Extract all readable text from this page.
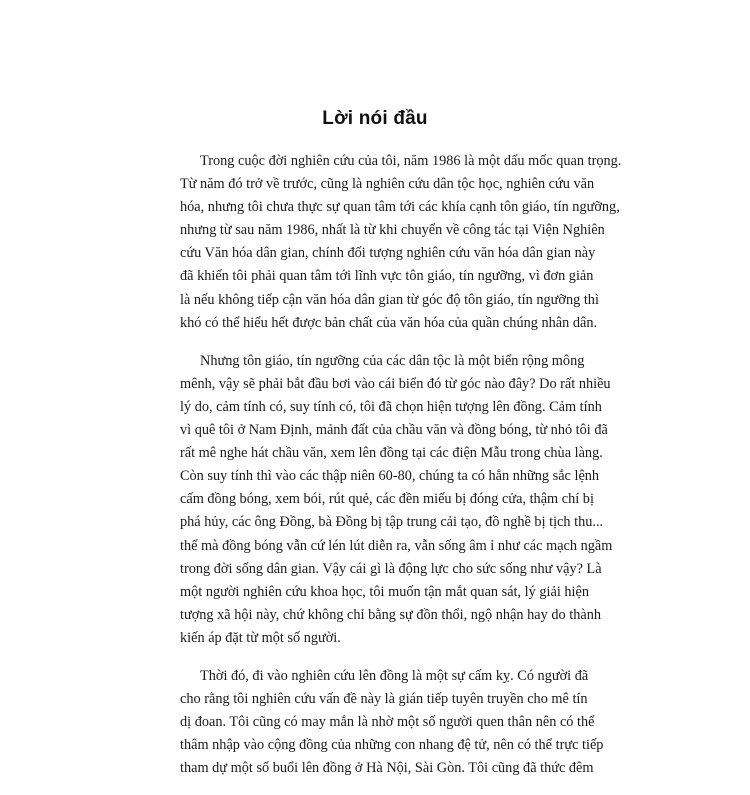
Lời nói đầu
Trong cuộc đời nghiên cứu của tôi, năm 1986 là một dấu mốc quan trọng.
Từ năm đó trở về trước, cũng là nghiên cứu dân tộc học, nghiên cứu văn
hóa, nhưng tôi chưa thực sự quan tâm tới các khía cạnh tôn giáo, tín ngưỡng,
nhưng từ sau năm 1986, nhất là từ khi chuyển về công tác tại Viện Nghiên
cứu Văn hóa dân gian, chính đối tượng nghiên cứu văn hóa dân gian này
đã khiến tôi phải quan tâm tới lĩnh vực tôn giáo, tín ngưỡng, vì đơn giản
là nếu không tiếp cận văn hóa dân gian từ góc độ tôn giáo, tín ngưỡng thì
khó có thể hiểu hết được bản chất của văn hóa của quần chúng nhân dân.
Nhưng tôn giáo, tín ngưỡng của các dân tộc là một biển rộng mông
mênh, vậy sẽ phải bắt đầu bơi vào cái biển đó từ góc nào đây? Do rất nhiều
lý do, cảm tính có, suy tính có, tôi đã chọn hiện tượng lên đồng. Cảm tính
vì quê tôi ở Nam Định, mảnh đất của chầu văn và đồng bóng, từ nhỏ tôi đã
rất mê nghe hát chầu văn, xem lên đồng tại các điện Mẫu trong chùa làng.
Còn suy tính thì vào các thập niên 60-80, chúng ta có hẳn những sắc lệnh
cấm đồng bóng, xem bói, rút quẻ, các đền miếu bị đóng cửa, thậm chí bị
phá hủy, các ông Đồng, bà Đồng bị tập trung cải tạo, đồ nghề bị tịch thu...
thế mà đồng bóng vẫn cứ lén lút diễn ra, vẫn sống âm ỉ như các mạch ngầm
trong đời sống dân gian. Vậy cái gì là động lực cho sức sống như vậy? Là
một người nghiên cứu khoa học, tôi muốn tận mắt quan sát, lý giải hiện
tượng xã hội này, chứ không chỉ bằng sự đồn thổi, ngộ nhận hay do thành
kiến áp đặt từ một số người.
Thời đó, đi vào nghiên cứu lên đồng là một sự cấm kỵ. Có người đã
cho rằng tôi nghiên cứu vấn đề này là gián tiếp tuyên truyền cho mê tín
dị đoan. Tôi cũng có may mắn là nhờ một số người quen thân nên có thể
thâm nhập vào cộng đồng của những con nhang đệ tử, nên có thể trực tiếp
tham dự một số buổi lên đồng ở Hà Nội, Sài Gòn. Tôi cũng đã thức đêm
